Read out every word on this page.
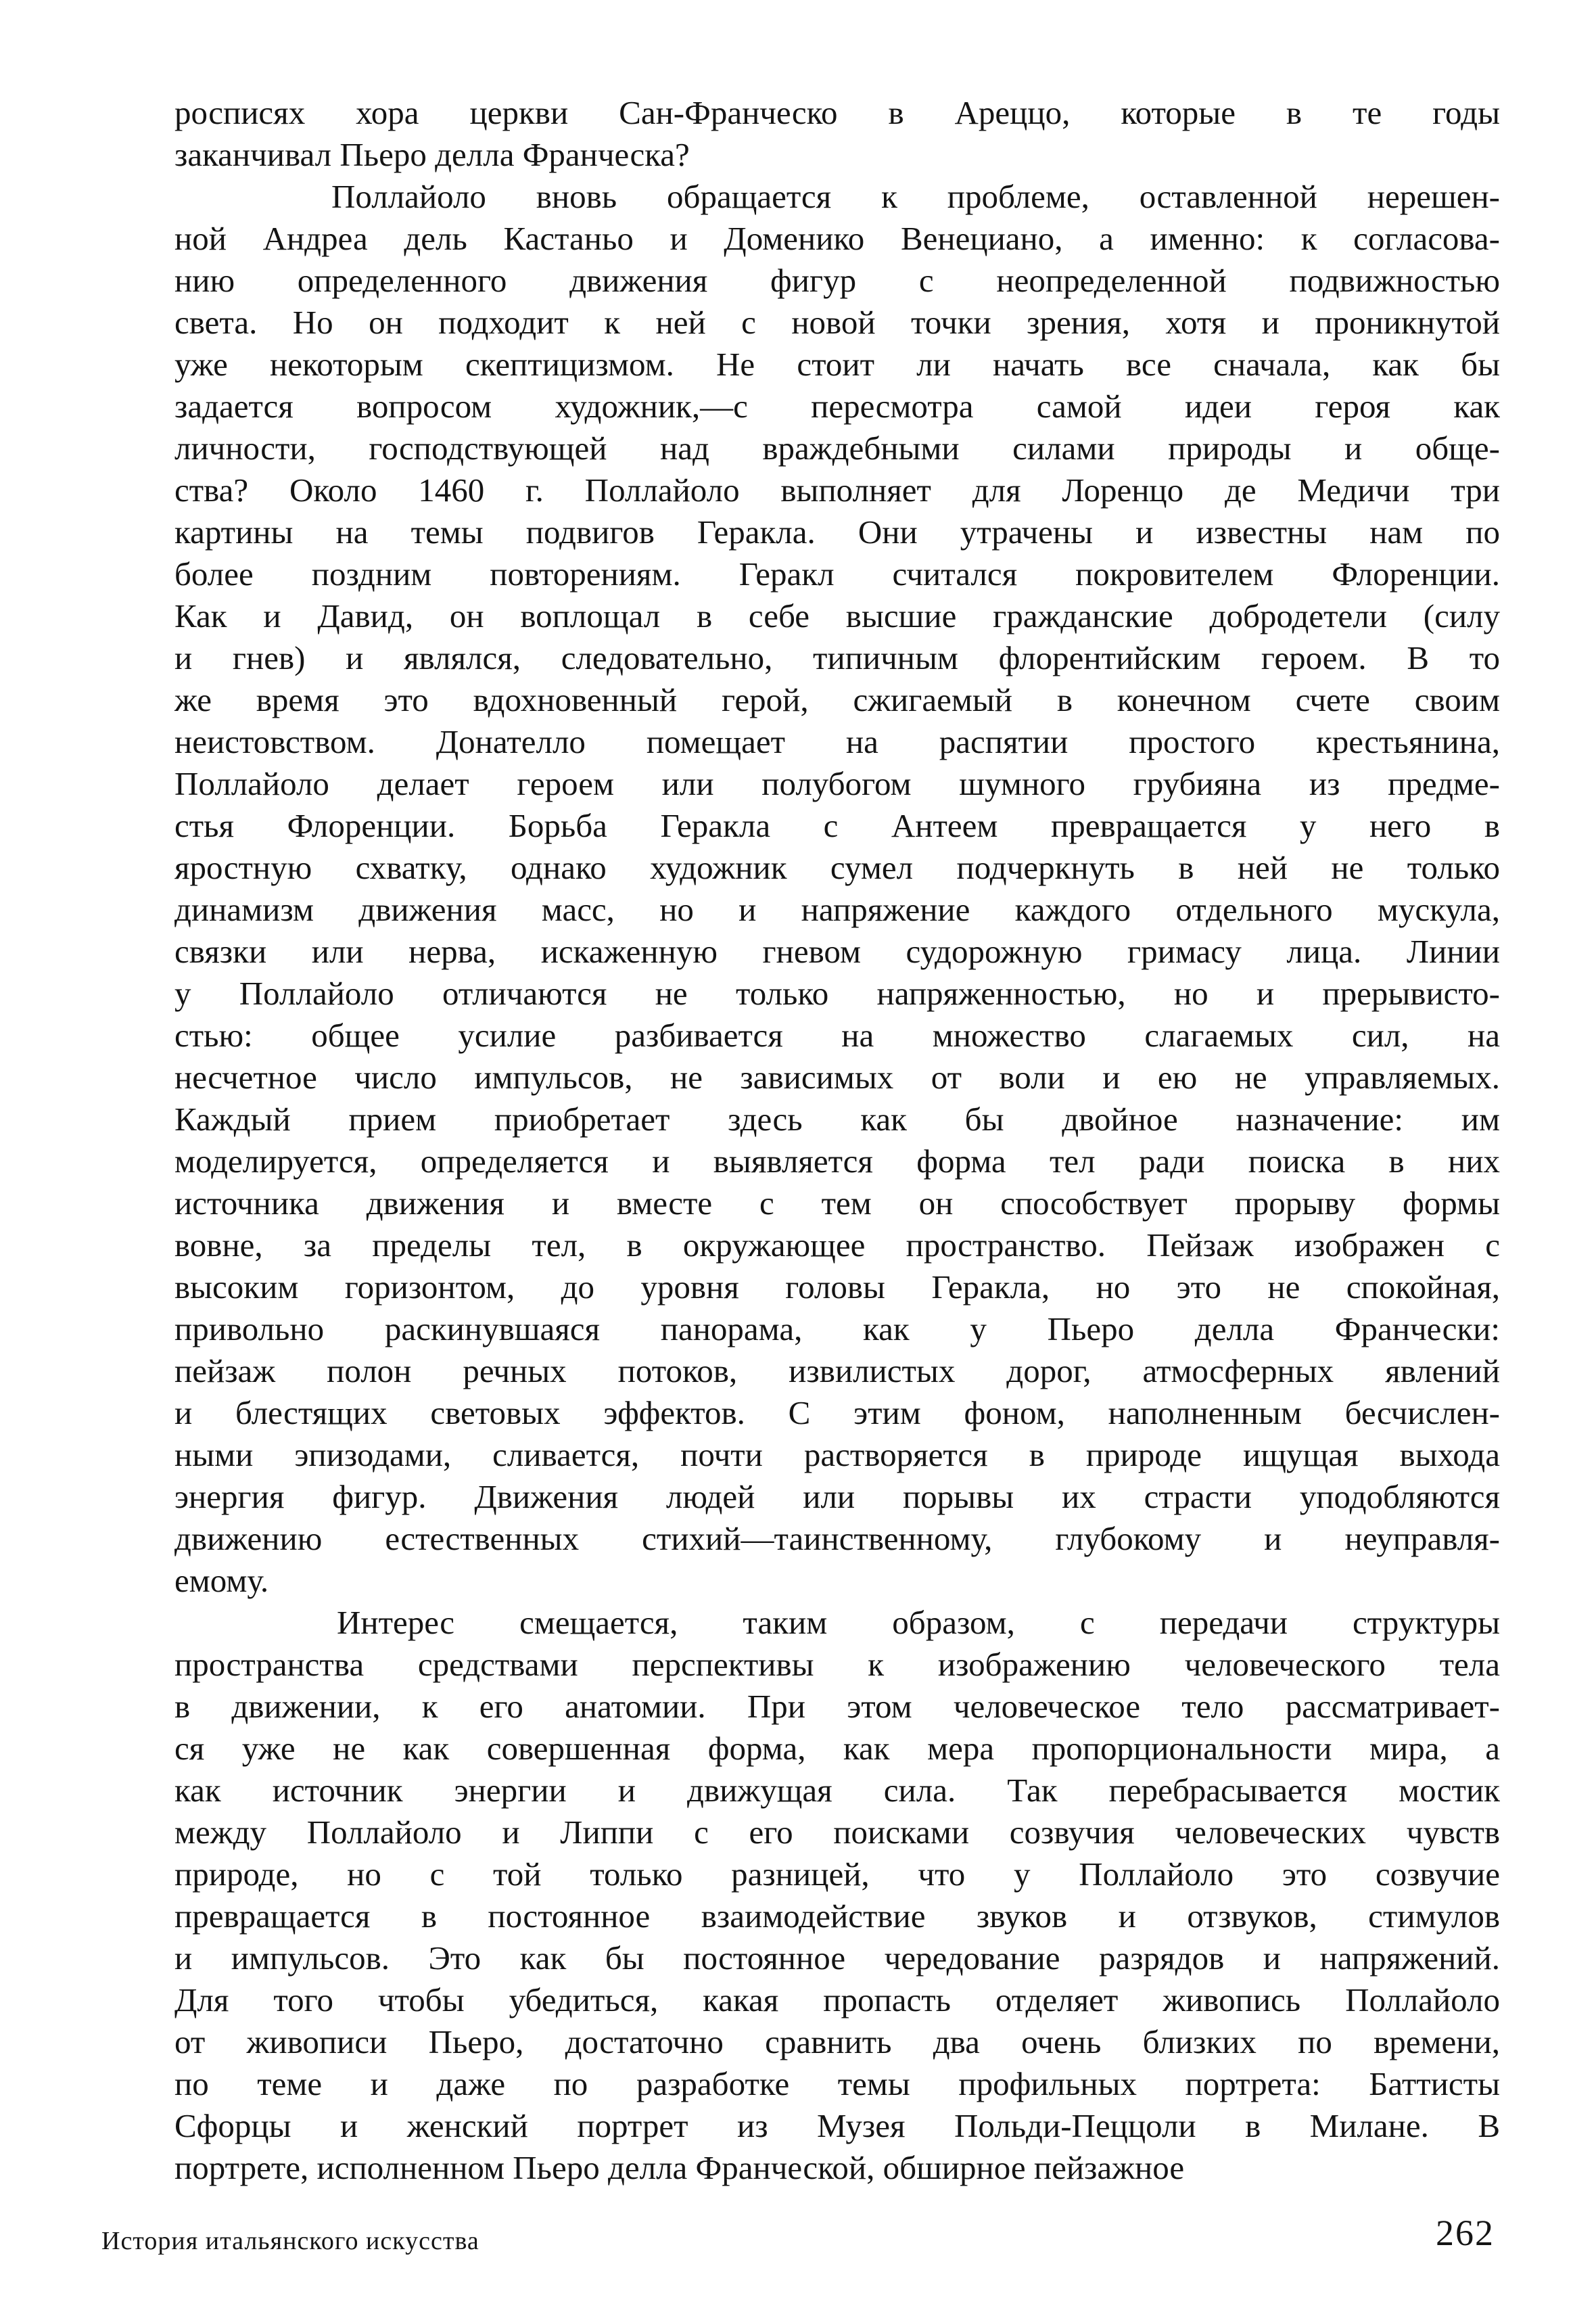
росписях хора церкви Сан-Франческо в Ареццо, которые в те годы
заканчивал Пьеро делла Франческа?
Поллайоло вновь обращается к проблеме, оставленной нерешен-
ной Андреа дель Кастаньо и Доменико Венециано, а именно: к согласова-
нию определенного движения фигур с неопределенной подвижностью
света. Но он подходит к ней с новой точки зрения, хотя и проникнутой
уже некоторым скептицизмом. Не стоит ли начать все сначала, как бы
задается вопросом художник,—с пересмотра самой идеи героя как
личности, господствующей над враждебными силами природы и обще-
ства? Около 1460 г. Поллайоло выполняет для Лоренцо де Медичи три
картины на темы подвигов Геракла. Они утрачены и известны нам по
более поздним повторениям. Геракл считался покровителем Флоренции.
Как и Давид, он воплощал в себе высшие гражданские добродетели (силу
и гнев) и являлся, следовательно, типичным флорентийским героем. В то
же время это вдохновенный герой, сжигаемый в конечном счете своим
неистовством. Донателло помещает на распятии простого крестьянина,
Поллайоло делает героем или полубогом шумного грубияна из предме-
стья Флоренции. Борьба Геракла с Антеем превращается у него в
яростную схватку, однако художник сумел подчеркнуть в ней не только
динамизм движения масс, но и напряжение каждого отдельного мускула,
связки или нерва, искаженную гневом судорожную гримасу лица. Линии
у Поллайоло отличаются не только напряженностью, но и прерывисто-
стью: общее усилие разбивается на множество слагаемых сил, на
несчетное число импульсов, не зависимых от воли и ею не управляемых.
Каждый прием приобретает здесь как бы двойное назначение: им
моделируется, определяется и выявляется форма тел ради поиска в них
источника движения и вместе с тем он способствует прорыву формы
вовне, за пределы тел, в окружающее пространство. Пейзаж изображен с
высоким горизонтом, до уровня головы Геракла, но это не спокойная,
привольно раскинувшаяся панорама, как у Пьеро делла Франчески:
пейзаж полон речных потоков, извилистых дорог, атмосферных явлений
и блестящих световых эффектов. С этим фоном, наполненным бесчислен-
ными эпизодами, сливается, почти растворяется в природе ищущая выхода
энергия фигур. Движения людей или порывы их страсти уподобляются
движению естественных стихий—таинственному, глубокому и неуправля-
емому.
Интерес смещается, таким образом, с передачи структуры
пространства средствами перспективы к изображению человеческого тела
в движении, к его анатомии. При этом человеческое тело рассматривает-
ся уже не как совершенная форма, как мера пропорциональности мира, а
как источник энергии и движущая сила. Так перебрасывается мостик
между Поллайоло и Липпи с его поисками созвучия человеческих чувств
природе, но с той только разницей, что у Поллайоло это созвучие
превращается в постоянное взаимодействие звуков и отзвуков, стимулов
и импульсов. Это как бы постоянное чередование разрядов и напряжений.
Для того чтобы убедиться, какая пропасть отделяет живопись Поллайоло
от живописи Пьеро, достаточно сравнить два очень близких по времени,
по теме и даже по разработке темы профильных портрета: Баттисты
Сфорцы и женский портрет из Музея Польди-Пеццоли в Милане. В
портрете, исполненном Пьеро делла Франческой, обширное пейзажное
История итальянского искусства	262
